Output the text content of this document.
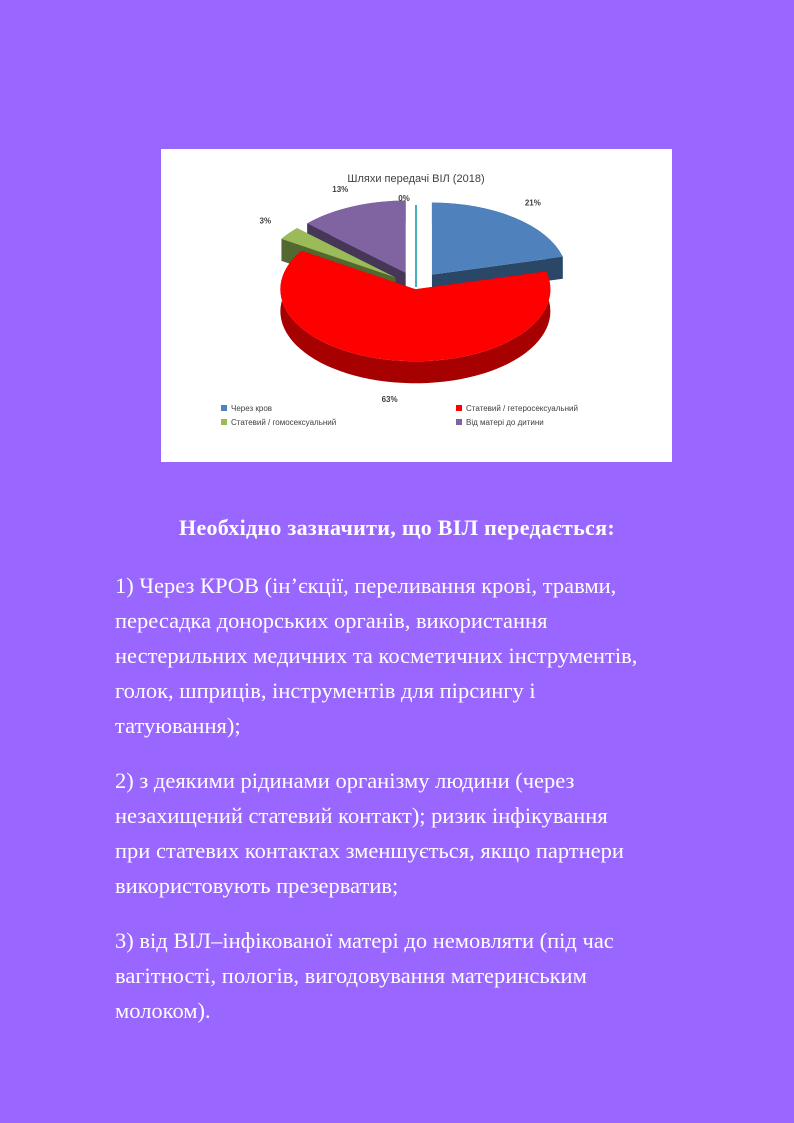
Шляхи передачі ВІЛ (2018)
0%
13%
21%
3%
63%
Через кров	Статевий / гетеросексуальний
Статевий / гомосексуальний	Від матері до дитини
Необхідно зазначити, що ВІЛ передається:
1) Через КРОВ (ін’єкції, переливання крові, травми,
пересадка донорських органів, використання
нестерильних медичних та косметичних інструментів,
голок, шприців, інструментів для пірсингу і
татуювання);
2) з деякими рідинами організму людини (через
незахищений статевий контакт); ризик інфікування
при статевих контактах зменшується, якщо партнери
використовують презерватив;
3) від ВІЛ–інфікованої матері до немовляти (під час
вагітності, пологів, вигодовування материнським
молоком).
